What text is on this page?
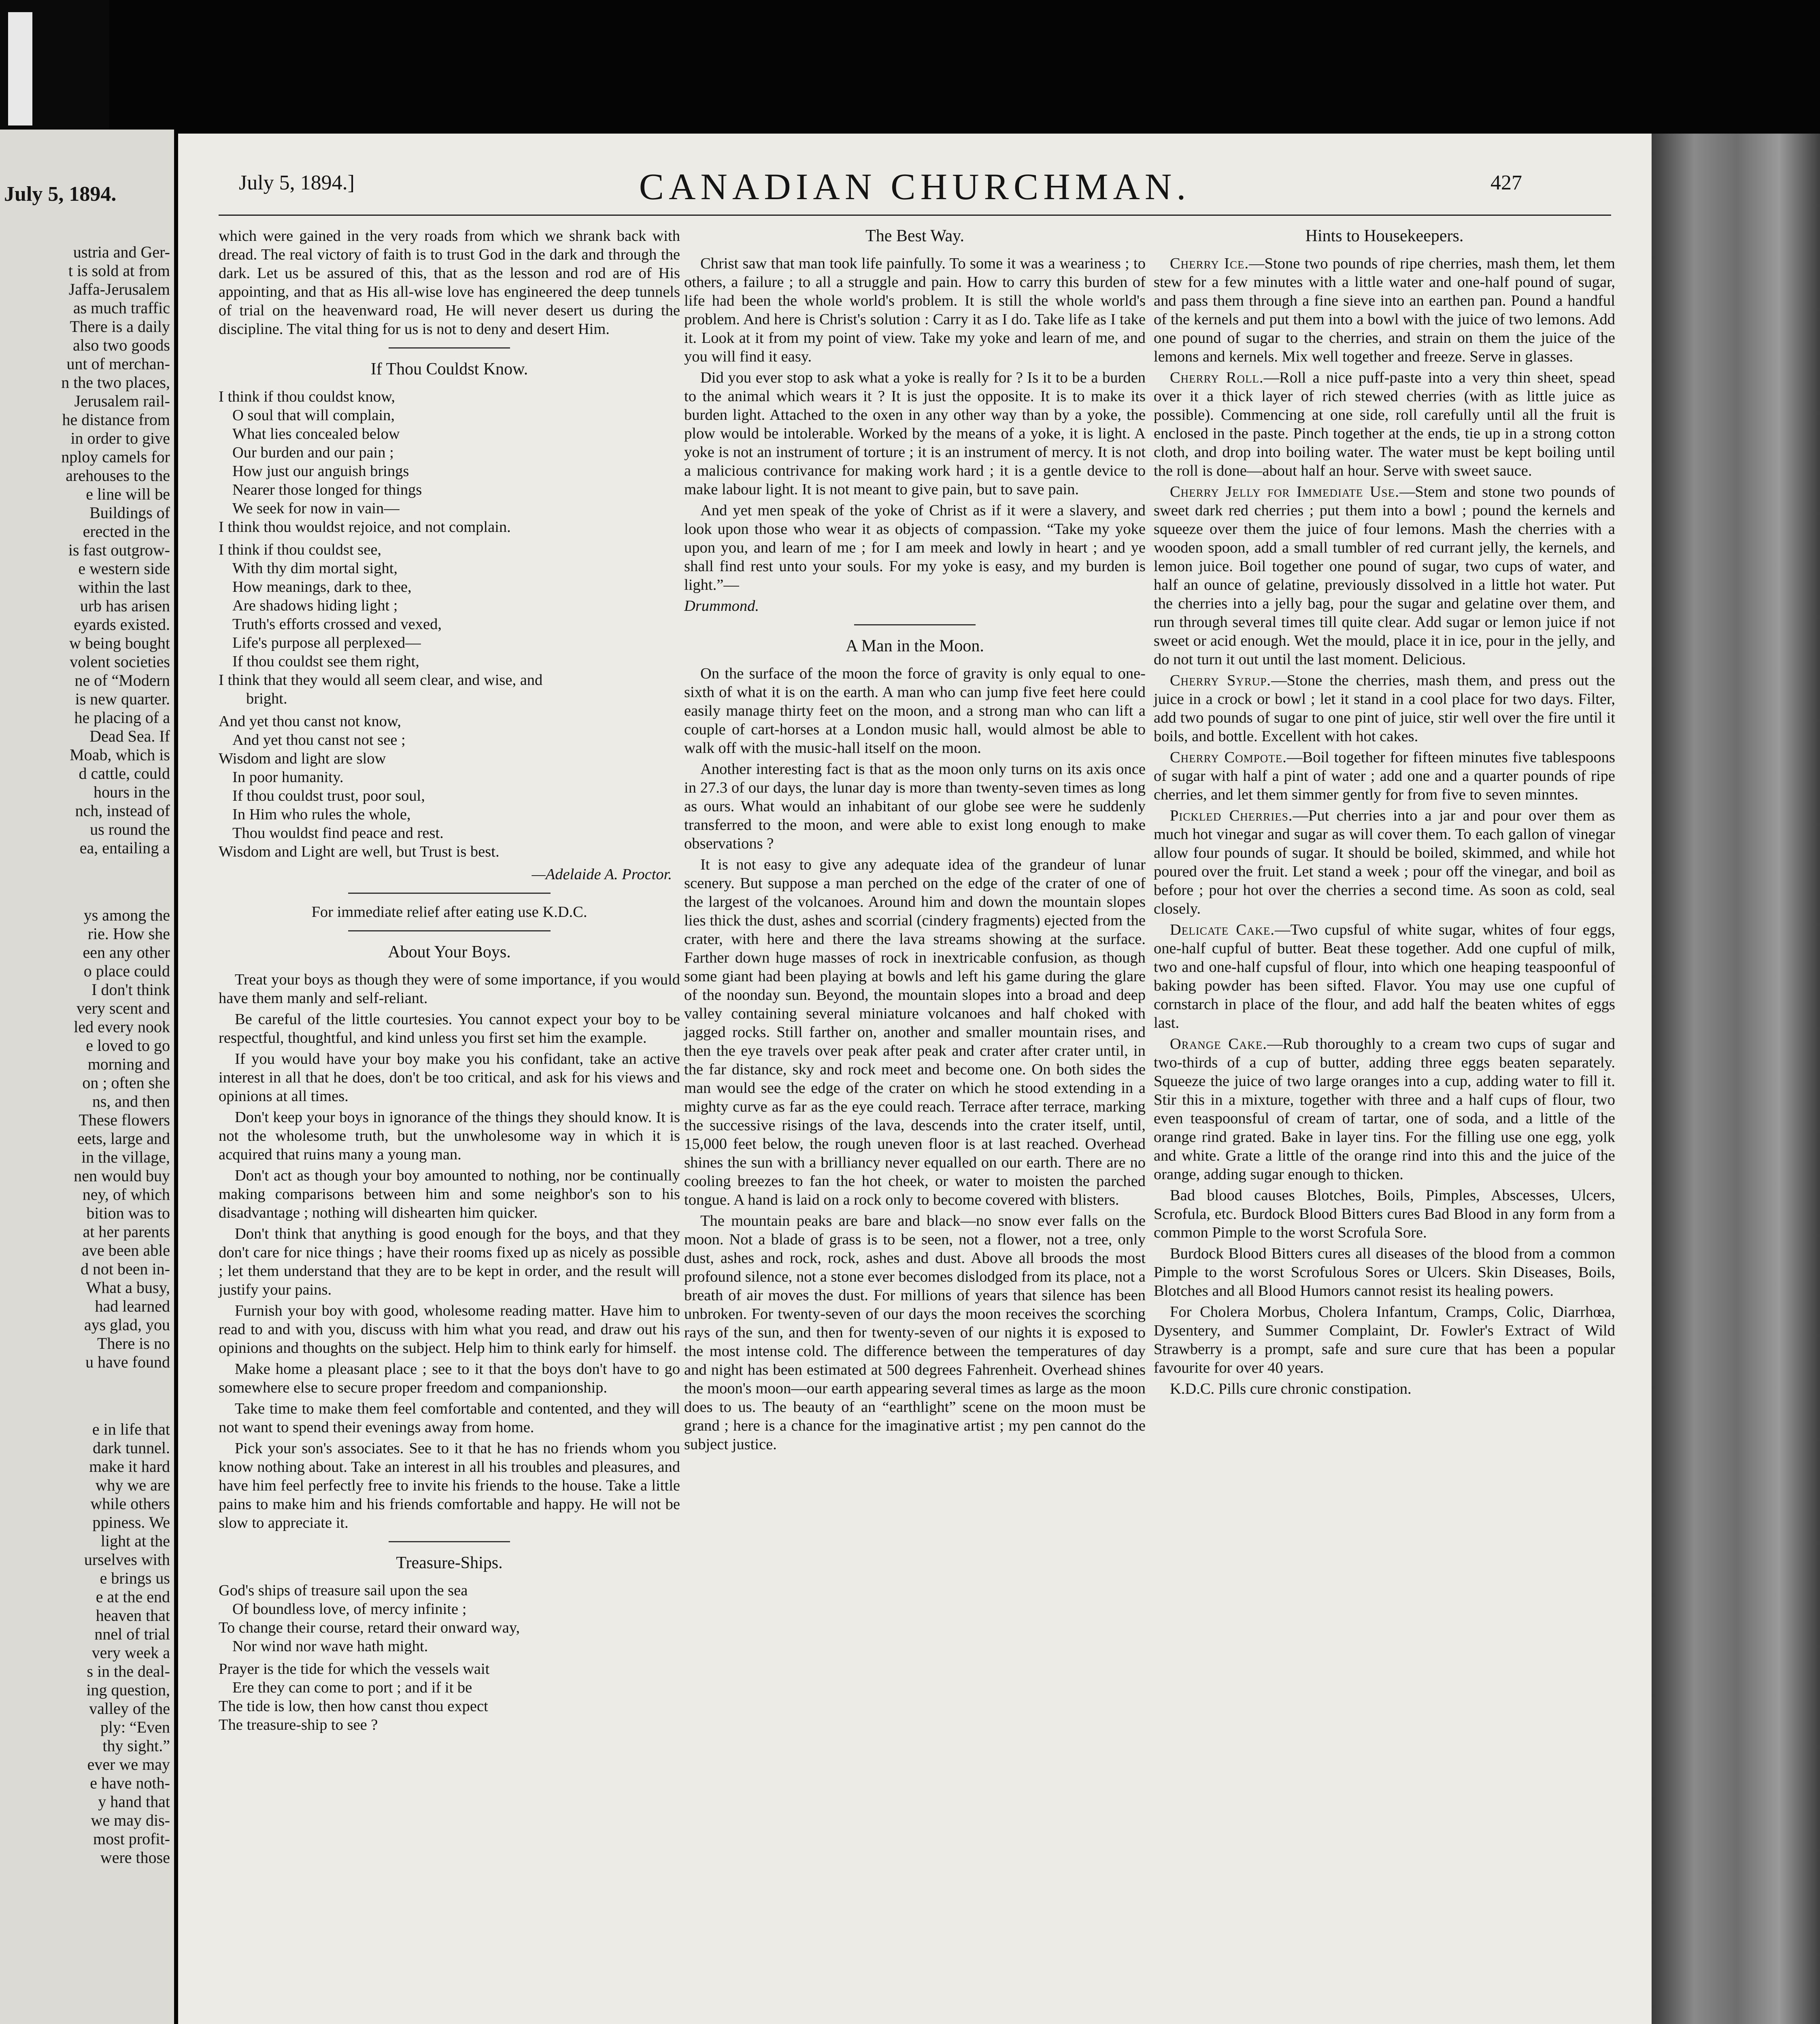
July 5, 1894.

ustria and Ger-

t is sold at from

Jaffa-Jerusalem

as much traffic

There is a daily

also two goods

unt of merchan-

n the two places,

Jerusalem rail-

he distance from

in order to give

nploy camels for

arehouses to the

e line will be

Buildings of

erected in the

is fast outgrow-

e western side

within the last

urb has arisen

eyards existed.

w being bought

volent societies

ne of “Modern

is new quarter.

he placing of a

Dead Sea. If

Moab, which is

d cattle, could

hours in the

nch, instead of

us round the

ea, entailing a

ys among the

rie. How she

een any other

o place could

I don't think

very scent and

led every nook

e loved to go

morning and

on ; often she

ns, and then

These flowers

eets, large and

in the village,

nen would buy

ney, of which

bition was to

at her parents

ave been able

d not been in-

What a busy,

had learned

ays glad, you

There is no

u have found

e in life that

dark tunnel.

make it hard

why we are

while others

ppiness. We

light at the

urselves with

e brings us

e at the end

heaven that

nnel of trial

very week a

s in the deal-

ing question,

valley of the

ply: “Even

thy sight.”

ever we may

e have noth-

y hand that

we may dis-

most profit-

were those

July 5, 1894.]	CANADIAN CHURCHMAN.	427

which were gained in the very roads from which we shrank back with dread. The real victory of faith is to trust God in the dark and through the dark. Let us be assured of this, that as the lesson and rod are of His appointing, and that as His all-wise love has engineered the deep tunnels of trial on the heavenward road, He will never desert us during the discipline. The vital thing for us is not to deny and desert Him.

If Thou Couldst Know.
I think if thou couldst know,
O soul that will complain,
What lies concealed below
Our burden and our pain ;
How just our anguish brings
Nearer those longed for things
We seek for now in vain—
I think thou wouldst rejoice, and not complain.
I think if thou couldst see,
With thy dim mortal sight,
How meanings, dark to thee,
Are shadows hiding light ;
Truth's efforts crossed and vexed,
Life's purpose all perplexed—
If thou couldst see them right,
I think that they would all seem clear, and wise, and
bright.
And yet thou canst not know,
And yet thou canst not see ;
Wisdom and light are slow
In poor humanity.
If thou couldst trust, poor soul,
In Him who rules the whole,
Thou wouldst find peace and rest.
Wisdom and Light are well, but Trust is best.
—Adelaide A. Proctor.
For immediate relief after eating use K.D.C.
About Your Boys.

Treat your boys as though they were of some importance, if you would have them manly and self-reliant.

Be careful of the little courtesies. You cannot expect your boy to be respectful, thoughtful, and kind unless you first set him the example.

If you would have your boy make you his confidant, take an active interest in all that he does, don't be too critical, and ask for his views and opinions at all times.

Don't keep your boys in ignorance of the things they should know. It is not the wholesome truth, but the unwholesome way in which it is acquired that ruins many a young man.

Don't act as though your boy amounted to nothing, nor be continually making comparisons between him and some neighbor's son to his disadvantage ; nothing will dishearten him quicker.

Don't think that anything is good enough for the boys, and that they don't care for nice things ; have their rooms fixed up as nicely as possible ; let them understand that they are to be kept in order, and the result will justify your pains.

Furnish your boy with good, wholesome reading matter. Have him to read to and with you, discuss with him what you read, and draw out his opinions and thoughts on the subject. Help him to think early for himself.

Make home a pleasant place ; see to it that the boys don't have to go somewhere else to secure proper freedom and companionship.

Take time to make them feel comfortable and contented, and they will not want to spend their evenings away from home.

Pick your son's associates. See to it that he has no friends whom you know nothing about. Take an interest in all his troubles and pleasures, and have him feel perfectly free to invite his friends to the house. Take a little pains to make him and his friends comfortable and happy. He will not be slow to appreciate it.

Treasure-Ships.
God's ships of treasure sail upon the sea
Of boundless love, of mercy infinite ;
To change their course, retard their onward way,
Nor wind nor wave hath might.
Prayer is the tide for which the vessels wait
Ere they can come to port ; and if it be
The tide is low, then how canst thou expect
The treasure-ship to see ?
The Best Way.

Christ saw that man took life painfully. To some it was a weariness ; to others, a failure ; to all a struggle and pain. How to carry this burden of life had been the whole world's problem. It is still the whole world's problem. And here is Christ's solution : Carry it as I do. Take life as I take it. Look at it from my point of view. Take my yoke and learn of me, and you will find it easy.

Did you ever stop to ask what a yoke is really for ? Is it to be a burden to the animal which wears it ? It is just the opposite. It is to make its burden light. Attached to the oxen in any other way than by a yoke, the plow would be intolerable. Worked by the means of a yoke, it is light. A yoke is not an instrument of torture ; it is an instrument of mercy. It is not a malicious contrivance for making work hard ; it is a gentle device to make labour light. It is not meant to give pain, but to save pain.

And yet men speak of the yoke of Christ as if it were a slavery, and look upon those who wear it as objects of compassion. “Take my yoke upon you, and learn of me ; for I am meek and lowly in heart ; and ye shall find rest unto your souls. For my yoke is easy, and my burden is light.”—

Drummond.
A Man in the Moon.

On the surface of the moon the force of gravity is only equal to one-sixth of what it is on the earth. A man who can jump five feet here could easily manage thirty feet on the moon, and a strong man who can lift a couple of cart-horses at a London music hall, would almost be able to walk off with the music-hall itself on the moon.

Another interesting fact is that as the moon only turns on its axis once in 27.3 of our days, the lunar day is more than twenty-seven times as long as ours. What would an inhabitant of our globe see were he suddenly transferred to the moon, and were able to exist long enough to make observations ?

It is not easy to give any adequate idea of the grandeur of lunar scenery. But suppose a man perched on the edge of the crater of one of the largest of the volcanoes. Around him and down the mountain slopes lies thick the dust, ashes and scorrial (cindery fragments) ejected from the crater, with here and there the lava streams showing at the surface. Farther down huge masses of rock in inextricable confusion, as though some giant had been playing at bowls and left his game during the glare of the noonday sun. Beyond, the mountain slopes into a broad and deep valley containing several miniature volcanoes and half choked with jagged rocks. Still farther on, another and smaller mountain rises, and then the eye travels over peak after peak and crater after crater until, in the far distance, sky and rock meet and become one. On both sides the man would see the edge of the crater on which he stood extending in a mighty curve as far as the eye could reach. Terrace after terrace, marking the successive risings of the lava, descends into the crater itself, until, 15,000 feet below, the rough uneven floor is at last reached. Overhead shines the sun with a brilliancy never equalled on our earth. There are no cooling breezes to fan the hot cheek, or water to moisten the parched tongue. A hand is laid on a rock only to become covered with blisters.

The mountain peaks are bare and black—no snow ever falls on the moon. Not a blade of grass is to be seen, not a flower, not a tree, only dust, ashes and rock, rock, ashes and dust. Above all broods the most profound silence, not a stone ever becomes dislodged from its place, not a breath of air moves the dust. For millions of years that silence has been unbroken. For twenty-seven of our days the moon receives the scorching rays of the sun, and then for twenty-seven of our nights it is exposed to the most intense cold. The difference between the temperatures of day and night has been estimated at 500 degrees Fahrenheit. Overhead shines the moon's moon—our earth appearing several times as large as the moon does to us. The beauty of an “earthlight” scene on the moon must be grand ; here is a chance for the imaginative artist ; my pen cannot do the subject justice.

Hints to Housekeepers.

Cherry Ice.—Stone two pounds of ripe cherries, mash them, let them stew for a few minutes with a little water and one-half pound of sugar, and pass them through a fine sieve into an earthen pan. Pound a handful of the kernels and put them into a bowl with the juice of two lemons. Add one pound of sugar to the cherries, and strain on them the juice of the lemons and kernels. Mix well together and freeze. Serve in glasses.

Cherry Roll.—Roll a nice puff-paste into a very thin sheet, spead over it a thick layer of rich stewed cherries (with as little juice as possible). Commencing at one side, roll carefully until all the fruit is enclosed in the paste. Pinch together at the ends, tie up in a strong cotton cloth, and drop into boiling water. The water must be kept boiling until the roll is done—about half an hour. Serve with sweet sauce.

Cherry Jelly for Immediate Use.—Stem and stone two pounds of sweet dark red cherries ; put them into a bowl ; pound the kernels and squeeze over them the juice of four lemons. Mash the cherries with a wooden spoon, add a small tumbler of red currant jelly, the kernels, and lemon juice. Boil together one pound of sugar, two cups of water, and half an ounce of gelatine, previously dissolved in a little hot water. Put the cherries into a jelly bag, pour the sugar and gelatine over them, and run through several times till quite clear. Add sugar or lemon juice if not sweet or acid enough. Wet the mould, place it in ice, pour in the jelly, and do not turn it out until the last moment. Delicious.

Cherry Syrup.—Stone the cherries, mash them, and press out the juice in a crock or bowl ; let it stand in a cool place for two days. Filter, add two pounds of sugar to one pint of juice, stir well over the fire until it boils, and bottle. Excellent with hot cakes.

Cherry Compote.—Boil together for fifteen minutes five tablespoons of sugar with half a pint of water ; add one and a quarter pounds of ripe cherries, and let them simmer gently for from five to seven minntes.

Pickled Cherries.—Put cherries into a jar and pour over them as much hot vinegar and sugar as will cover them. To each gallon of vinegar allow four pounds of sugar. It should be boiled, skimmed, and while hot poured over the fruit. Let stand a week ; pour off the vinegar, and boil as before ; pour hot over the cherries a second time. As soon as cold, seal closely.

Delicate Cake.—Two cupsful of white sugar, whites of four eggs, one-half cupful of butter. Beat these together. Add one cupful of milk, two and one-half cupsful of flour, into which one heaping teaspoonful of baking powder has been sifted. Flavor. You may use one cupful of cornstarch in place of the flour, and add half the beaten whites of eggs last.

Orange Cake.—Rub thoroughly to a cream two cups of sugar and two-thirds of a cup of butter, adding three eggs beaten separately. Squeeze the juice of two large oranges into a cup, adding water to fill it. Stir this in a mixture, together with three and a half cups of flour, two even teaspoonsful of cream of tartar, one of soda, and a little of the orange rind grated. Bake in layer tins. For the filling use one egg, yolk and white. Grate a little of the orange rind into this and the juice of the orange, adding sugar enough to thicken.

Bad blood causes Blotches, Boils, Pimples, Abscesses, Ulcers, Scrofula, etc. Burdock Blood Bitters cures Bad Blood in any form from a common Pimple to the worst Scrofula Sore.

Burdock Blood Bitters cures all diseases of the blood from a common Pimple to the worst Scrofulous Sores or Ulcers. Skin Diseases, Boils, Blotches and all Blood Humors cannot resist its healing powers.

For Cholera Morbus, Cholera Infantum, Cramps, Colic, Diarrhœa, Dysentery, and Summer Complaint, Dr. Fowler's Extract of Wild Strawberry is a prompt, safe and sure cure that has been a popular favourite for over 40 years.

K.D.C. Pills cure chronic constipation.
